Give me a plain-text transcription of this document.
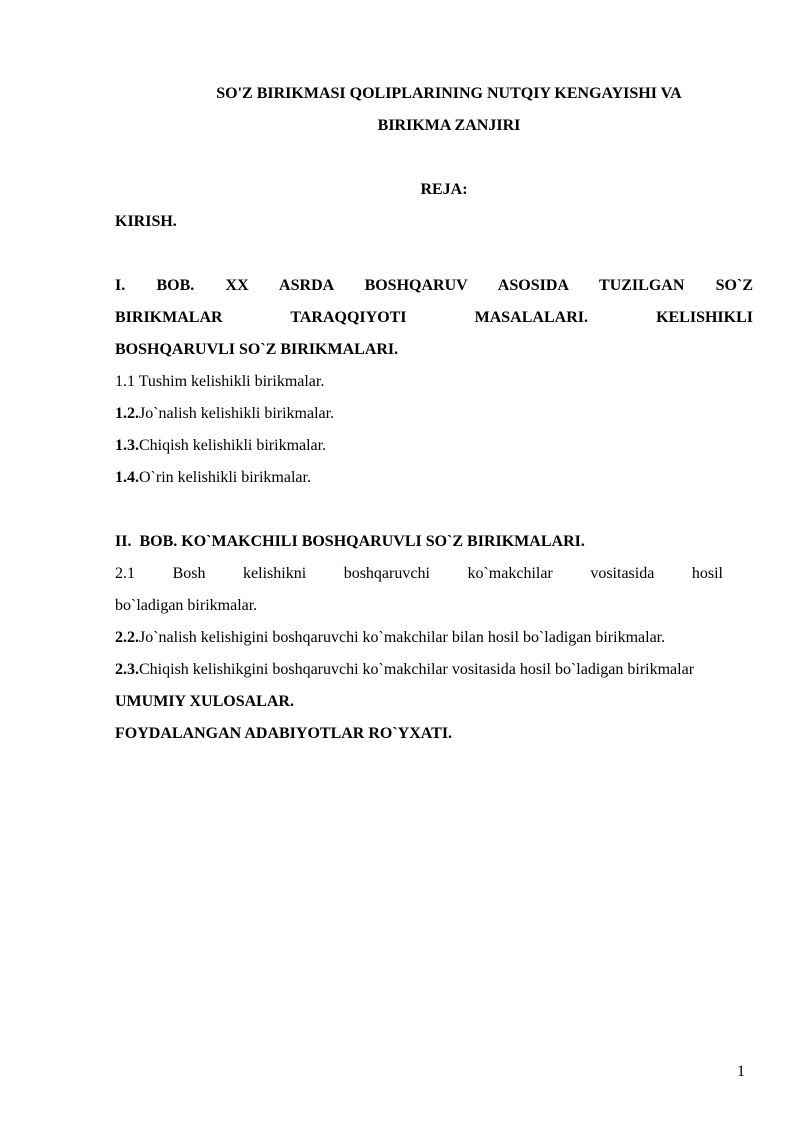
SO'Z BIRIKMASI QOLIPLARINING NUTQIY KENGAYISHI VA
BIRIKMA ZANJIRI

REJA:

KIRISH.

I. BOB. XX ASRDA BOSHQARUV ASOSIDA TUZILGAN SO`Z

BIRIKMALAR TARAQQIYOTI MASALALARI. KELISHIKLI

BOSHQARUVLI SO`Z BIRIKMALARI.

1.1 Tushim kelishikli birikmalar.

1.2.Jo`nalish kelishikli birikmalar.

1.3.Chiqish kelishikli birikmalar.

1.4.O`rin kelishikli birikmalar.

II.  BOB. KO`MAKCHILI BOSHQARUVLI SO`Z BIRIKMALARI.

2.1 Bosh kelishikni boshqaruvchi ko`makchilar vositasida hosil

bo`ladigan birikmalar.

2.2.Jo`nalish kelishigini boshqaruvchi ko`makchilar bilan hosil bo`ladigan birikmalar.

2.3.Chiqish kelishikgini boshqaruvchi ko`makchilar vositasida hosil bo`ladigan birikmalar

UMUMIY XULOSALAR.

FOYDALANGAN ADABIYOTLAR RO`YXATI.

1
